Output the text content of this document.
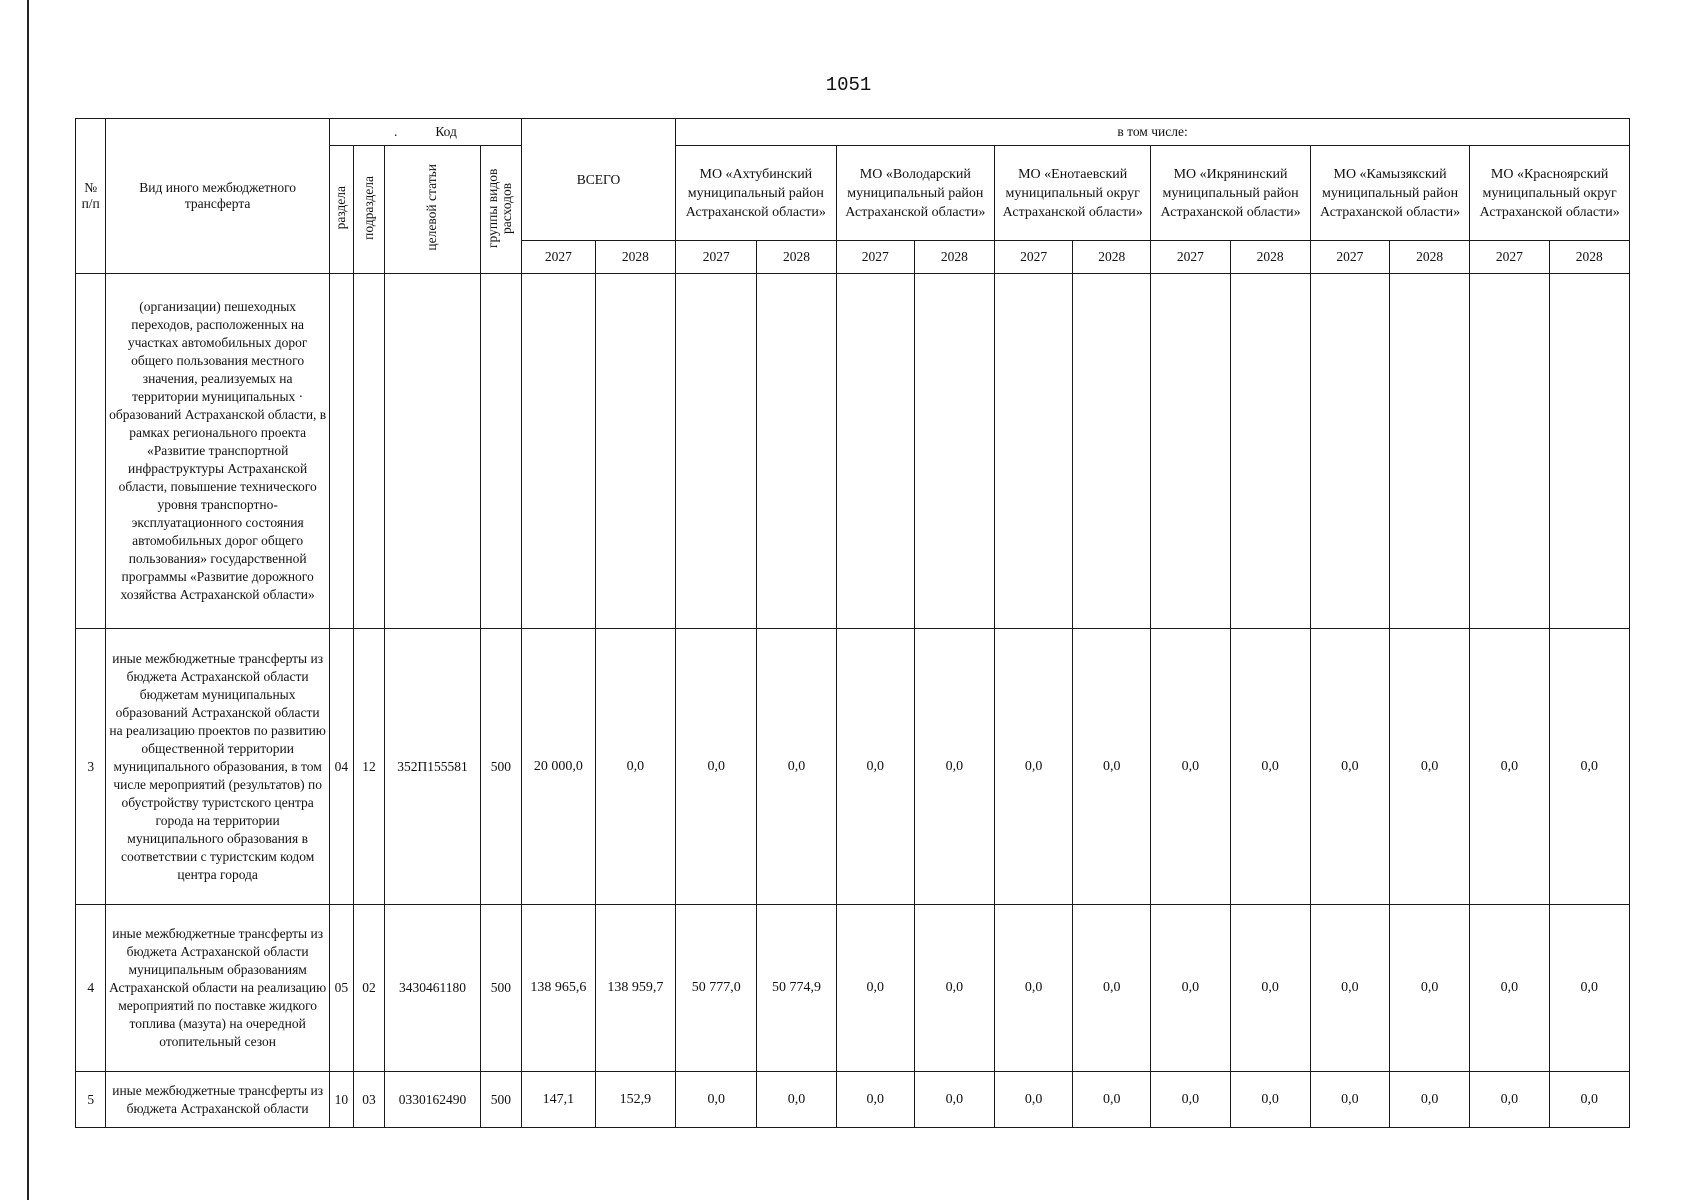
1051
№ п/п	Вид иного межбюджетного трансферта	. Код				ВСЕГО		в том числе:											
		раздела	подраздела	целевой статьи	группы видов расходов			МО «Ахтубинский муниципальный район Астраханской области»		МО «Володарский муниципальный район Астраханской области»		МО «Енотаевский муниципальный округ Астраханской области»		МО «Икрянинский муниципальный район Астраханской области»		МО «Камызякский муниципальный район Астраханской области»		МО «Красноярский муниципальный округ Астраханской области»	
						2027	2028	2027	2028	2027	2028	2027	2028	2027	2028	2027	2028	2027	2028
	(организации) пешеходных переходов, расположенных на участках автомобильных дорог общего пользования местного значения, реализуемых на территории муниципальных · образований Астраханской области, в рамках регионального проекта «Развитие транспортной инфраструктуры Астраханской области, повышение технического уровня транспортно-эксплуатационного состояния автомобильных дорог общего пользования» государственной программы «Развитие дорожного хозяйства Астраханской области»																		
3	иные межбюджетные трансферты из бюджета Астраханской области бюджетам муниципальных образований Астраханской области на реализацию проектов по развитию общественной территории муниципального образования, в том числе мероприятий (результатов) по обустройству туристского центра города на территории муниципального образования в соответствии с туристским кодом центра города	04	12	352П155581	500	20 000,0	0,0	0,0	0,0	0,0	0,0	0,0	0,0	0,0	0,0	0,0	0,0	0,0	0,0
4	иные межбюджетные трансферты из бюджета Астраханской области муниципальным образованиям Астраханской области на реализацию мероприятий по поставке жидкого топлива (мазута) на очередной отопительный сезон	05	02	3430461180	500	138 965,6	138 959,7	50 777,0	50 774,9	0,0	0,0	0,0	0,0	0,0	0,0	0,0	0,0	0,0	0,0
5	иные межбюджетные трансферты из бюджета Астраханской области	10	03	0330162490	500	147,1	152,9	0,0	0,0	0,0	0,0	0,0	0,0	0,0	0,0	0,0	0,0	0,0	0,0
